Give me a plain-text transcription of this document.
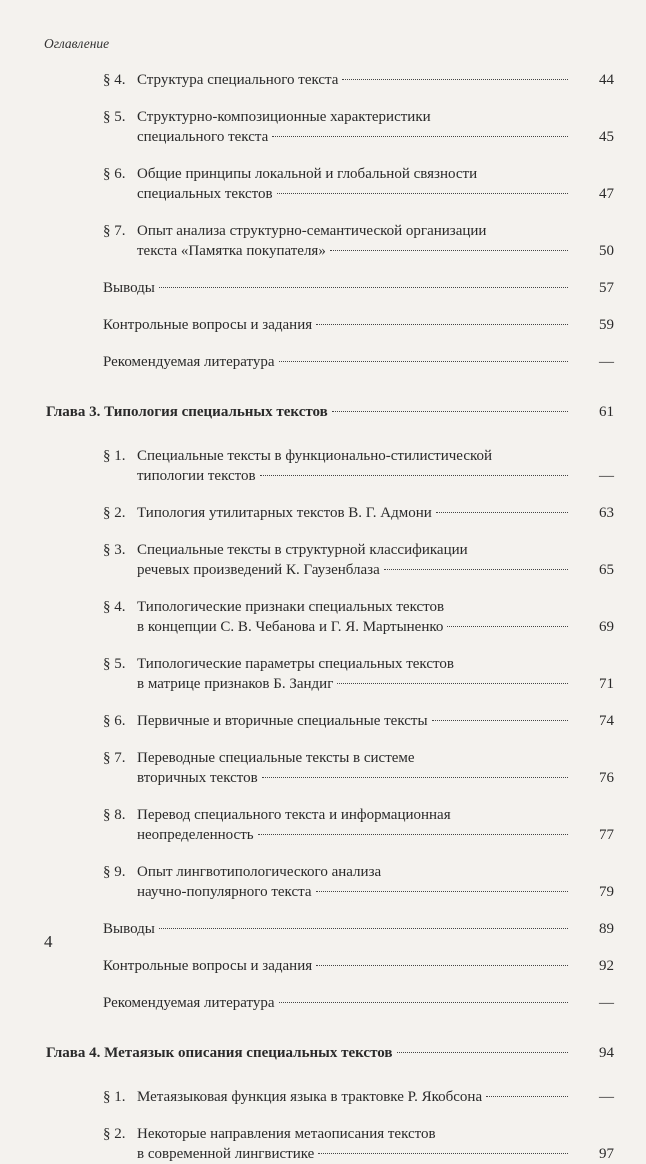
Оглавление
§ 4. Структура специального текста	44
§ 5. Структурно-композиционные характеристики
специального текста	45
§ 6. Общие принципы локальной и глобальной связности
специальных текстов	47
§ 7. Опыт анализа структурно-семантической организации
текста «Памятка покупателя»	50
Выводы	57
Контрольные вопросы и задания	59
Рекомендуемая литература	—
Глава 3. Типология специальных текстов	61
§ 1. Специальные тексты в функционально-стилистической
типологии текстов	—
§ 2. Типология утилитарных текстов В. Г. Адмони	63
§ 3. Специальные тексты в структурной классификации
речевых произведений К. Гаузенблаза	65
§ 4. Типологические признаки специальных текстов
в концепции С. В. Чебанова и Г. Я. Мартыненко	69
§ 5. Типологические параметры специальных текстов
в матрице признаков Б. Зандиг	71
§ 6. Первичные и вторичные специальные тексты	74
§ 7. Переводные специальные тексты в системе
вторичных текстов	76
§ 8. Перевод специального текста и информационная
неопределенность	77
§ 9. Опыт лингвотипологического анализа
научно-популярного текста	79
Выводы	89
Контрольные вопросы и задания	92
Рекомендуемая литература	—
Глава 4. Метаязык описания специальных текстов	94
§ 1. Метаязыковая функция языка в трактовке Р. Якобсона	—
§ 2. Некоторые направления метаописания текстов
в современной лингвистике	97
4
